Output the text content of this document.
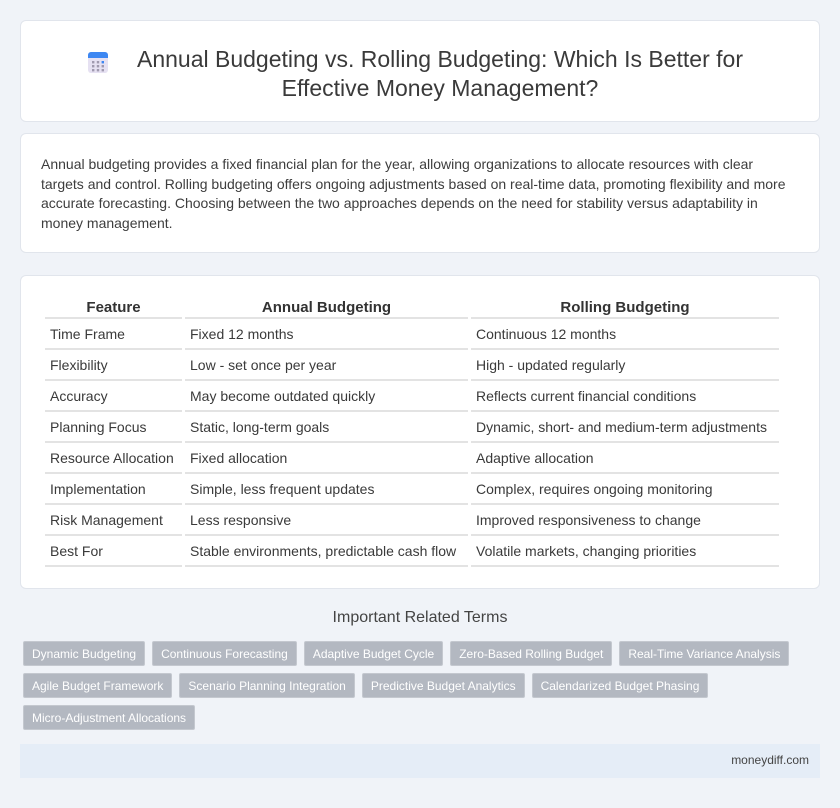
Annual Budgeting vs. Rolling Budgeting: Which Is Better for Effective Money Management?

Annual budgeting provides a fixed financial plan for the year, allowing organizations to allocate resources with clear targets and control. Rolling budgeting offers ongoing adjustments based on real-time data, promoting flexibility and more accurate forecasting. Choosing between the two approaches depends on the need for stability versus adaptability in money management.

Feature	Annual Budgeting	Rolling Budgeting
Time Frame	Fixed 12 months	Continuous 12 months
Flexibility	Low - set once per year	High - updated regularly
Accuracy	May become outdated quickly	Reflects current financial conditions
Planning Focus	Static, long-term goals	Dynamic, short- and medium-term adjustments
Resource Allocation	Fixed allocation	Adaptive allocation
Implementation	Simple, less frequent updates	Complex, requires ongoing monitoring
Risk Management	Less responsive	Improved responsiveness to change
Best For	Stable environments, predictable cash flow	Volatile markets, changing priorities
Important Related Terms
Dynamic Budgeting	Continuous Forecasting	Adaptive Budget Cycle	Zero-Based Rolling Budget	Real-Time Variance Analysis
Agile Budget Framework	Scenario Planning Integration	Predictive Budget Analytics	Calendarized Budget Phasing
Micro-Adjustment Allocations
moneydiff.com
